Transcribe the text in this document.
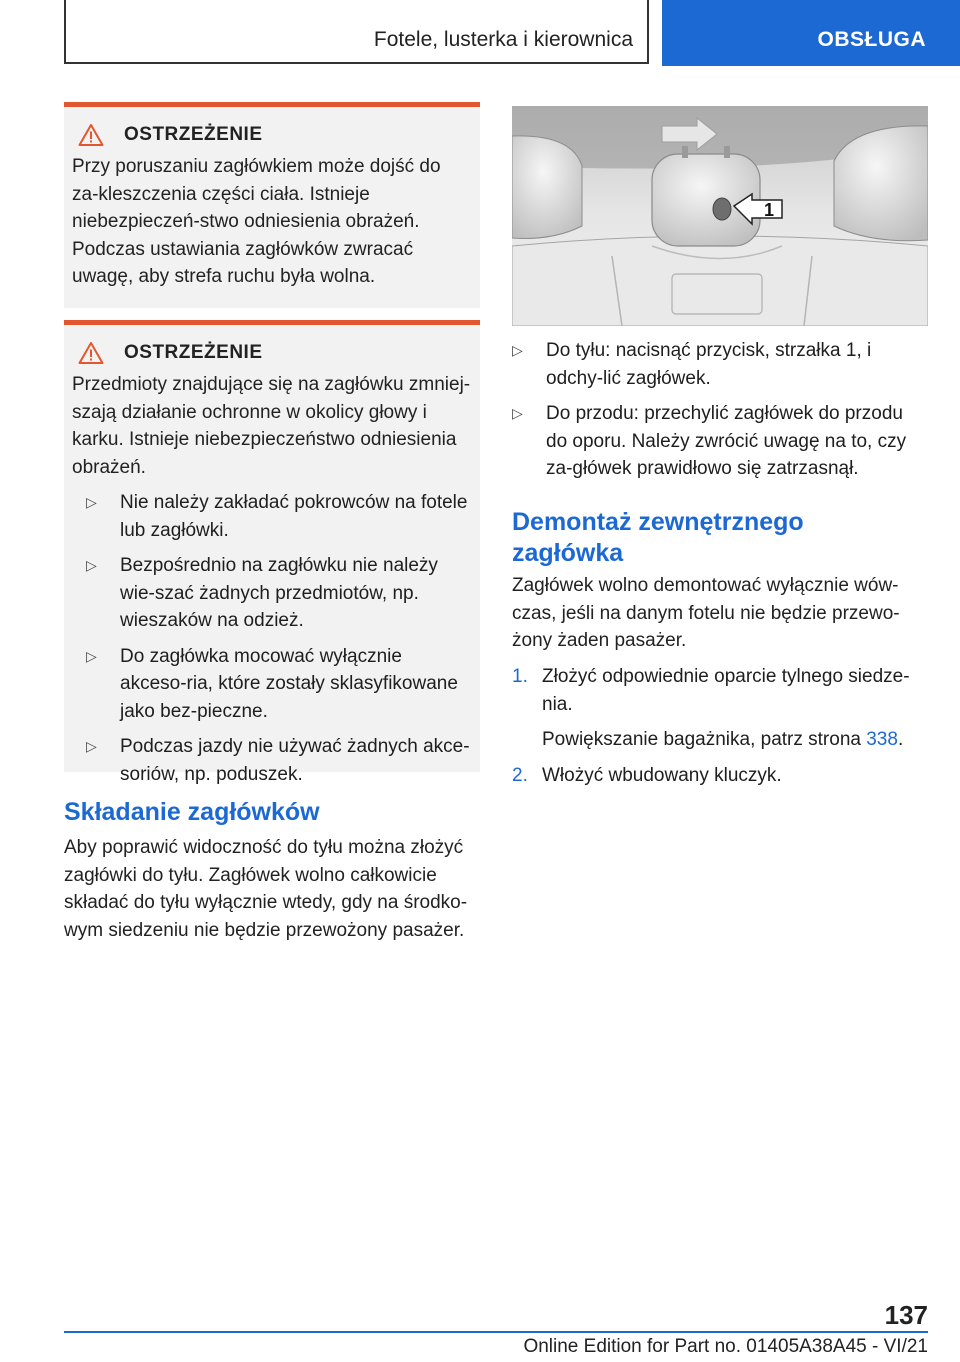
Fotele, lusterka i kierownica	OBSŁUGA
OSTRZEŻENIE

Przy poruszaniu zagłówkiem może dojść do za-kleszczenia części ciała. Istnieje niebezpieczeń-stwo odniesienia obrażeń. Podczas ustawiania zagłówków zwracać uwagę, aby strefa ruchu była wolna.

OSTRZEŻENIE

Przedmioty znajdujące się na zagłówku zmniej-szają działanie ochronne w okolicy głowy i karku. Istnieje niebezpieczeństwo odniesienia obrażeń.

▷	Nie należy zakładać pokrowców na fotele lub zagłówki.
▷	Bezpośrednio na zagłówku nie należy wie-szać żadnych przedmiotów, np. wieszaków na odzież.
▷	Do zagłówka mocować wyłącznie akceso-ria, które zostały sklasyfikowane jako bez-pieczne.
▷	Podczas jazdy nie używać żadnych akce-soriów, np. poduszek.
Składanie zagłówków

Aby poprawić widoczność do tyłu można złożyć zagłówki do tyłu. Zagłówek wolno całkowicie składać do tyłu wyłącznie wtedy, gdy na środko-wym siedzeniu nie będzie przewożony pasażer.

1
▷	Do tyłu: nacisnąć przycisk, strzałka 1, i odchy-lić zagłówek.
▷	Do przodu: przechylić zagłówek do przodu do oporu. Należy zwrócić uwagę na to, czy za-główek prawidłowo się zatrzasnął.
Demontaż zewnętrznego
zagłówka

Zagłówek wolno demontować wyłącznie wów-czas, jeśli na danym fotelu nie będzie przewo-żony żaden pasażer.

1. Złożyć odpowiednie oparcie tylnego siedze-nia.

Powiększanie bagażnika, patrz strona 338.

2. Włożyć wbudowany kluczyk.
137
Online Edition for Part no. 01405A38A45 - VI/21
